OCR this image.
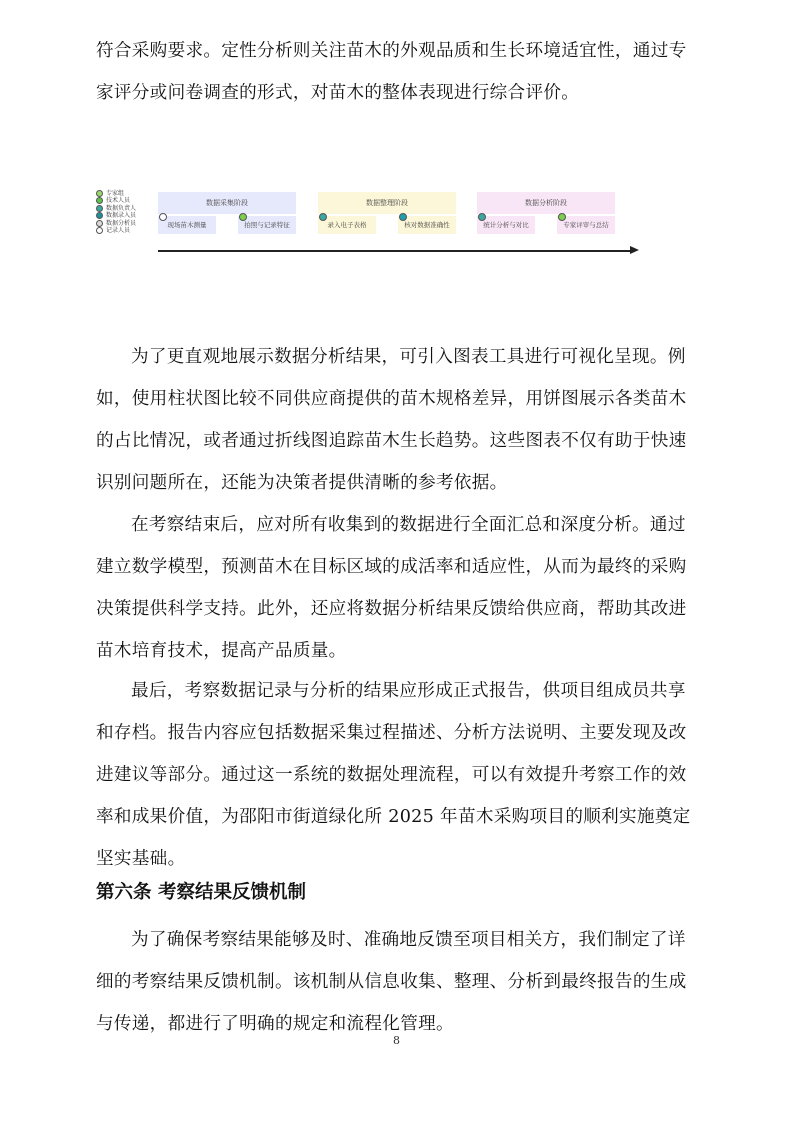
符合采购要求。定性分析则关注苗木的外观品质和生长环境适宜性，通过专家评分或问卷调查的形式，对苗木的整体表现进行综合评价。

专家组
技术人员
数据负责人
数据录入员
数据分析员
记录人员
数据采集阶段	数据整理阶段	数据分析阶段
现场苗木测量	拍照与记录特征	录入电子表格	核对数据准确性	统计分析与对比	专家评审与总结

为了更直观地展示数据分析结果，可引入图表工具进行可视化呈现。例如，使用柱状图比较不同供应商提供的苗木规格差异，用饼图展示各类苗木的占比情况，或者通过折线图追踪苗木生长趋势。这些图表不仅有助于快速识别问题所在，还能为决策者提供清晰的参考依据。

在考察结束后，应对所有收集到的数据进行全面汇总和深度分析。通过建立数学模型，预测苗木在目标区域的成活率和适应性，从而为最终的采购决策提供科学支持。此外，还应将数据分析结果反馈给供应商，帮助其改进苗木培育技术，提高产品质量。

最后，考察数据记录与分析的结果应形成正式报告，供项目组成员共享和存档。报告内容应包括数据采集过程描述、分析方法说明、主要发现及改进建议等部分。通过这一系统的数据处理流程，可以有效提升考察工作的效率和成果价值，为邵阳市街道绿化所 2025 年苗木采购项目的顺利实施奠定坚实基础。

第六条 考察结果反馈机制

为了确保考察结果能够及时、准确地反馈至项目相关方，我们制定了详细的考察结果反馈机制。该机制从信息收集、整理、分析到最终报告的生成与传递，都进行了明确的规定和流程化管理。

8
